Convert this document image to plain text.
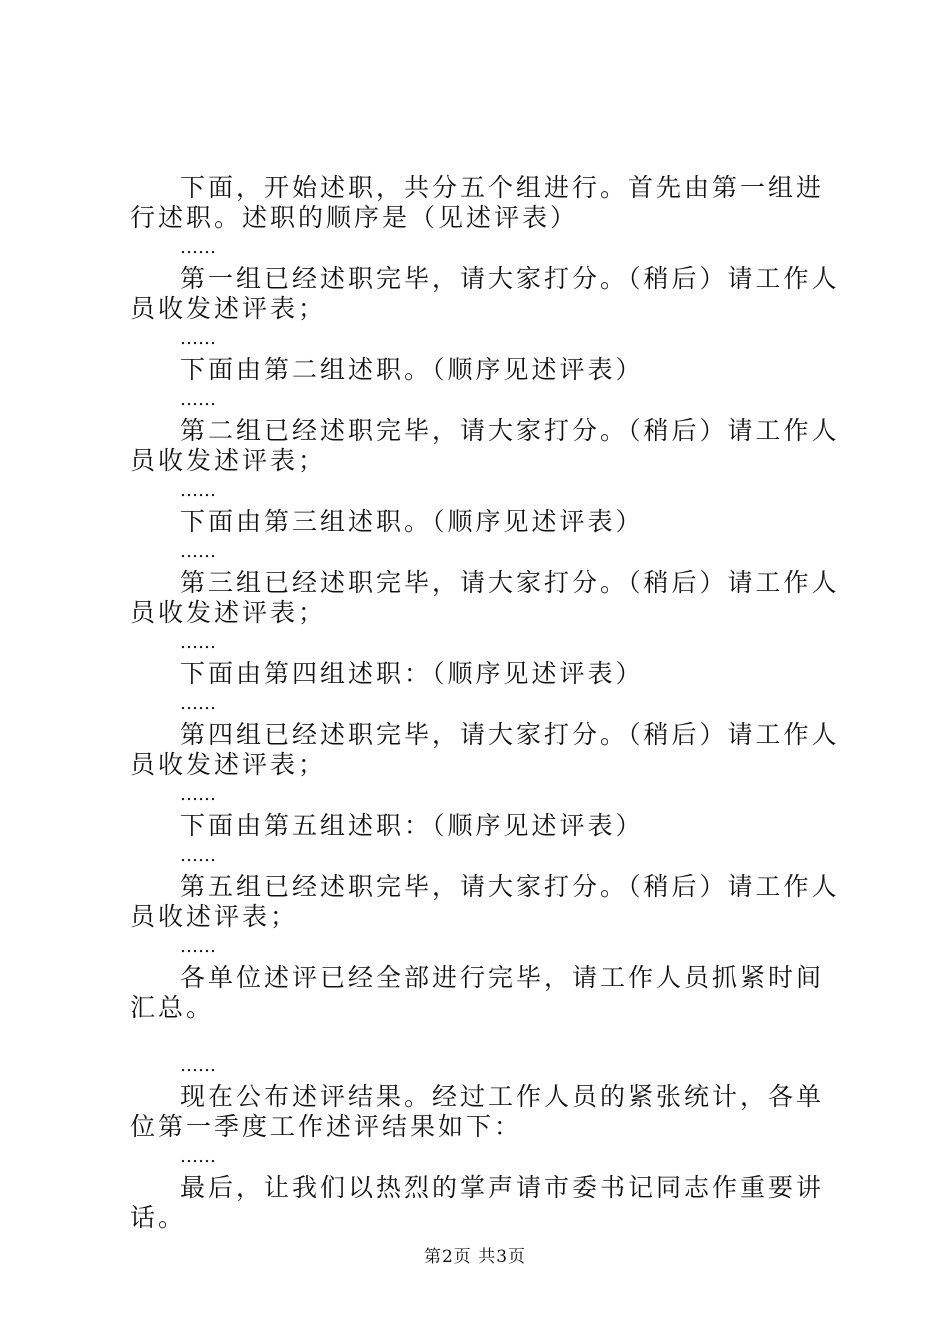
下面，开始述职，共分五个组进行。首先由第一组进行述职。述职的顺序是（见述评表）

……

第一组已经述职完毕，请大家打分。（稍后）请工作人员收发述评表；

……

下面由第二组述职。（顺序见述评表）

……

第二组已经述职完毕，请大家打分。（稍后）请工作人员收发述评表；

……

下面由第三组述职。（顺序见述评表）

……

第三组已经述职完毕，请大家打分。（稍后）请工作人员收发述评表；

……

下面由第四组述职：（顺序见述评表）

……

第四组已经述职完毕，请大家打分。（稍后）请工作人员收发述评表；

……

下面由第五组述职：（顺序见述评表）

……

第五组已经述职完毕，请大家打分。（稍后）请工作人员收述评表；

……

各单位述评已经全部进行完毕，请工作人员抓紧时间汇总。

……

现在公布述评结果。经过工作人员的紧张统计，各单位第一季度工作述评结果如下：

……

最后，让我们以热烈的掌声请市委书记同志作重要讲话。

第2页 共3页
